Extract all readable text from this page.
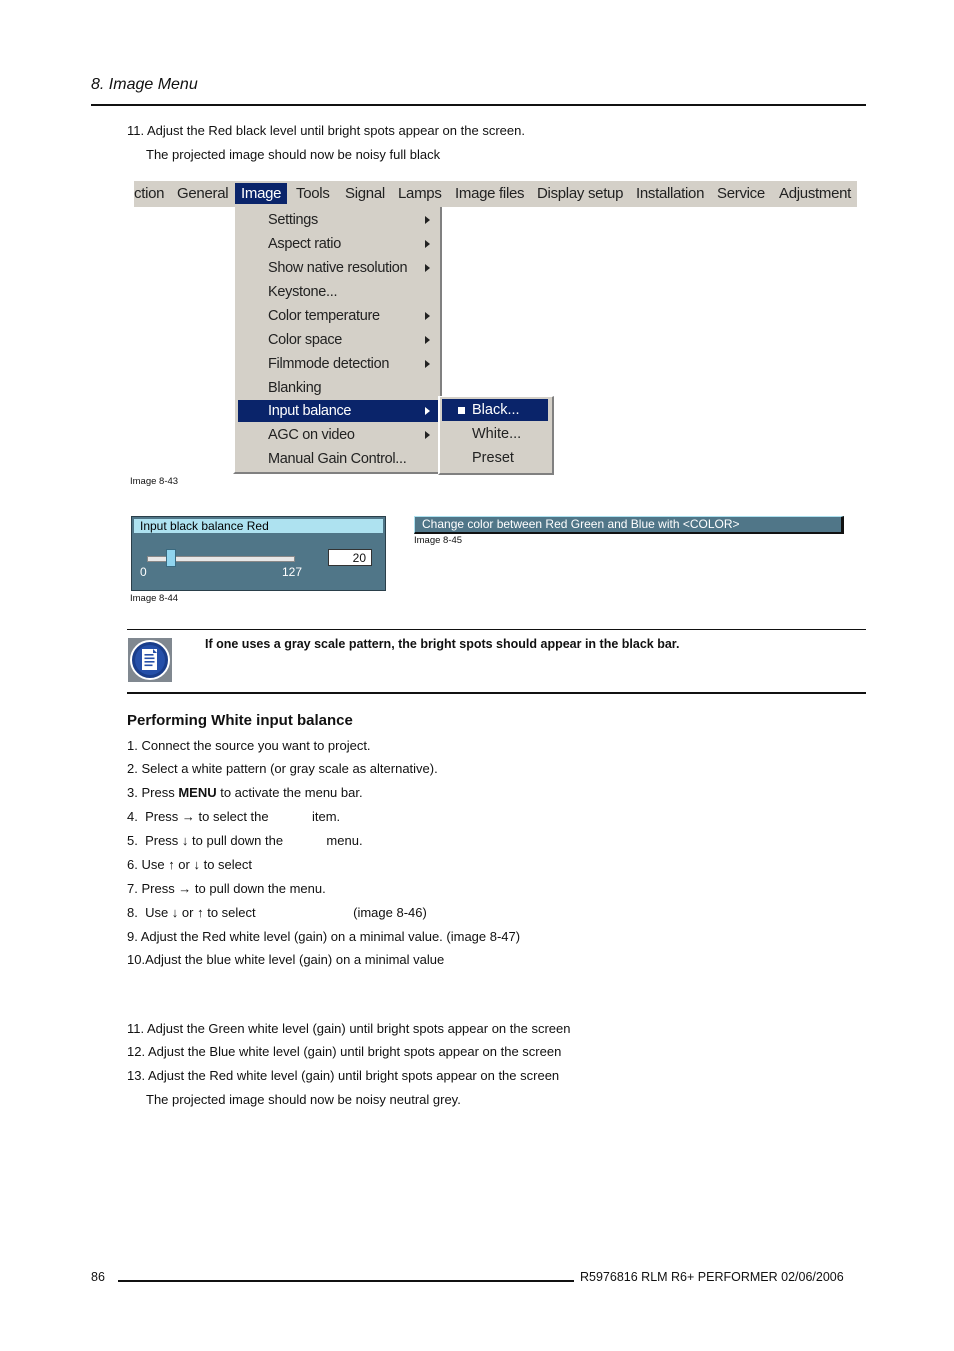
8. Image Menu
11. Adjust the Red black level until bright spots appear on the screen.
The projected image should now be noisy full black
ction General Image Tools Signal Lamps Image files Display setup Installation Service Adjustment
Settings
Aspect ratio
Show native resolution
Keystone...
Color temperature
Color space
Filmmode detection
Blanking
Input balance
AGC on video
Manual Gain Control...
Black...
White...
Preset
Image 8-43
Input black balance Red
0	127
20
Image 8-44
Change color between Red Green and Blue with <COLOR>
Image 8-45
If one uses a gray scale pattern, the bright spots should appear in the black bar.
Performing White input balance
1. Connect the source you want to project.
2. Select a white pattern (or gray scale as alternative).
3. Press MENU to activate the menu bar.
4. Press → to select the            item.
5. Press ↓ to pull down the            menu.
6. Use ↑ or ↓ to select
7. Press → to pull down the menu.
8. Use ↓ or ↑ to select                           (image 8-46)
9. Adjust the Red white level (gain) on a minimal value. (image 8-47)
10.Adjust the blue white level (gain) on a minimal value
11. Adjust the Green white level (gain) until bright spots appear on the screen
12. Adjust the Blue white level (gain) until bright spots appear on the screen
13. Adjust the Red white level (gain) until bright spots appear on the screen
The projected image should now be noisy neutral grey.
86	R5976816 RLM R6+ PERFORMER 02/06/2006
